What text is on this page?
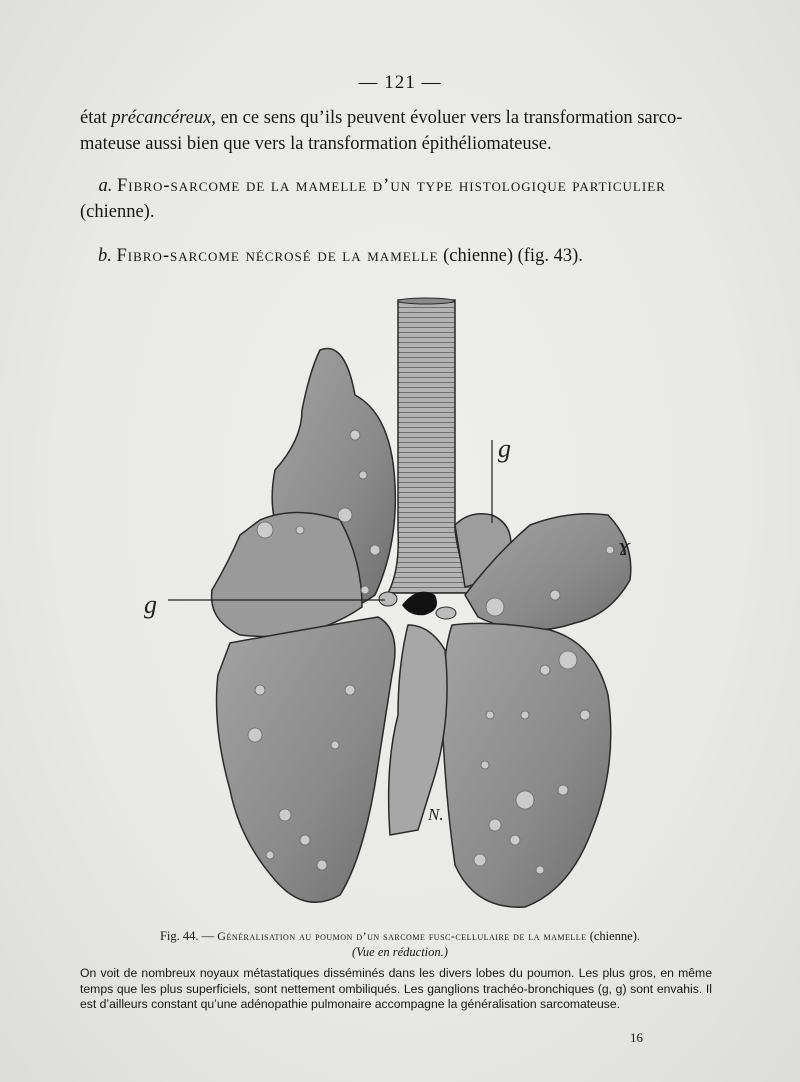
— 121 —
état précancéreux, en ce sens qu’ils peuvent évoluer vers la transformation sarco-
mateuse aussi bien que vers la transformation épithéliomateuse.
a. Fibro-sarcome de la mamelle d’un type histologique particulier
(chienne).
b. Fibro-sarcome nécrosé de la mamelle (chienne) (fig. 43).
g
g
N.
ɤ
Fig. 44. — Généralisation au poumon d’un sarcome fusc-cellulaire de la mamelle (chienne).
(Vue en réduction.)
On voit de nombreux noyaux métastatiques disséminés dans les divers lobes du poumon. Les plus gros, en même temps que les plus superficiels, sont nettement ombiliqués. Les ganglions trachéo-bronchiques (g, g) sont envahis. Il est d’ailleurs constant qu’une adénopathie pulmonaire accompagne la généralisation sarcomateuse.
16
